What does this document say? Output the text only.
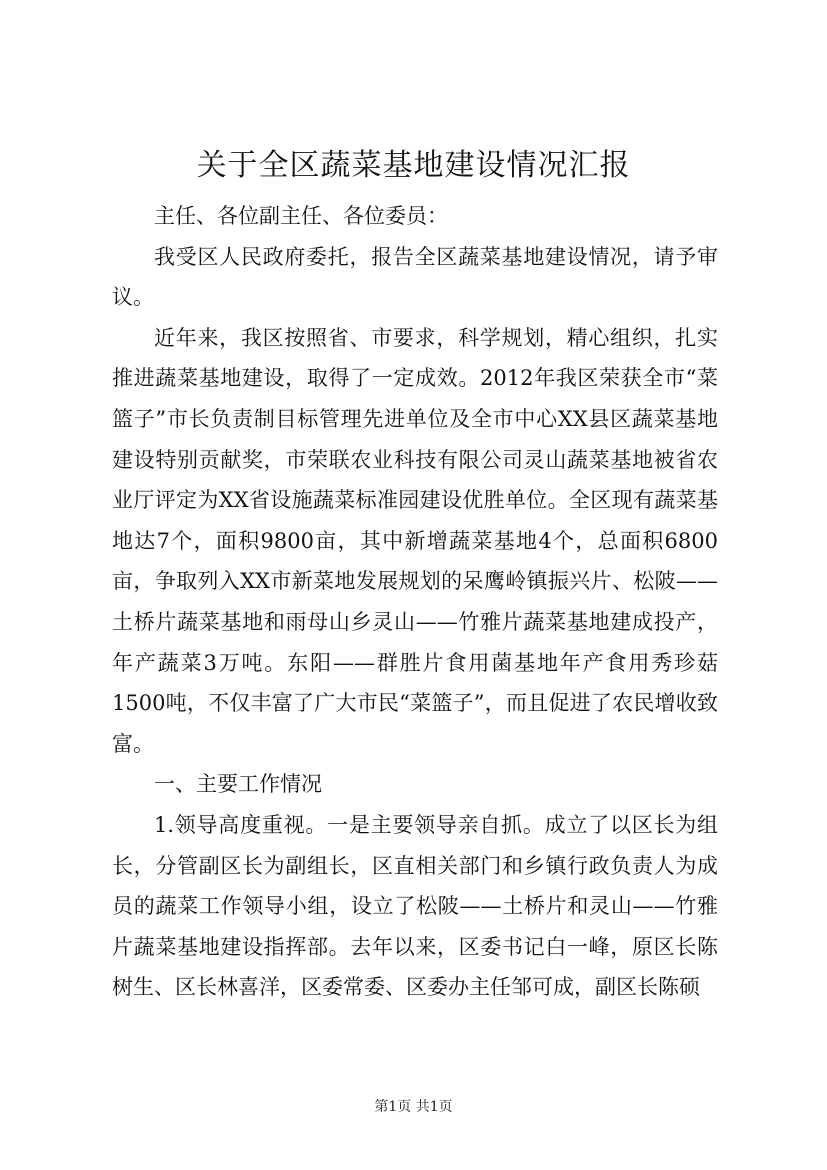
关于全区蔬菜基地建设情况汇报

主任、各位副主任、各位委员：

我受区人民政府委托，报告全区蔬菜基地建设情况，请予审议。

近年来，我区按照省、市要求，科学规划，精心组织，扎实推进蔬菜基地建设，取得了一定成效。2012年我区荣获全市“菜篮子”市长负责制目标管理先进单位及全市中心XX县区蔬菜基地建设特别贡献奖，市荣联农业科技有限公司灵山蔬菜基地被省农业厅评定为XX省设施蔬菜标准园建设优胜单位。全区现有蔬菜基地达7个，面积9800亩，其中新增蔬菜基地4个，总面积6800亩，争取列入XX市新菜地发展规划的呆鹰岭镇振兴片、松陂——土桥片蔬菜基地和雨母山乡灵山——竹雅片蔬菜基地建成投产，年产蔬菜3万吨。东阳——群胜片食用菌基地年产食用秀珍菇1500吨，不仅丰富了广大市民“菜篮子”，而且促进了农民增收致富。

一、主要工作情况

1.领导高度重视。一是主要领导亲自抓。成立了以区长为组长，分管副区长为副组长，区直相关部门和乡镇行政负责人为成员的蔬菜工作领导小组，设立了松陂——土桥片和灵山——竹雅片蔬菜基地建设指挥部。去年以来，区委书记白一峰，原区长陈树生、区长林喜洋，区委常委、区委办主任邹可成，副区长陈硕

第1页 共1页
